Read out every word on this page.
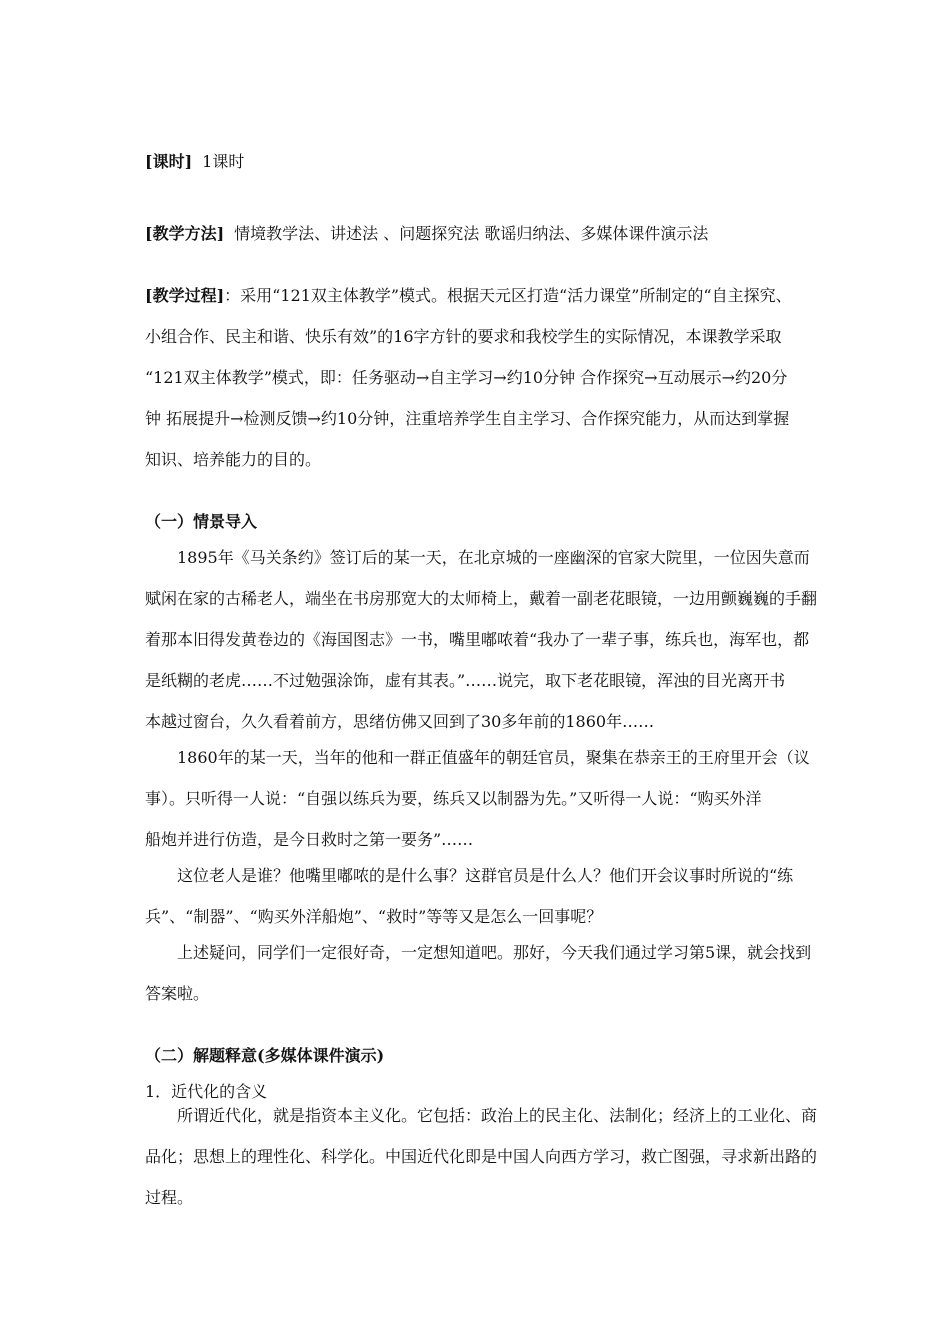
[课时] 1课时
[教学方法] 情境教学法、讲述法 、问题探究法 歌谣归纳法、多媒体课件演示法
[教学过程]：采用“121双主体教学”模式。根据天元区打造“活力课堂”所制定的“自主探究、
小组合作、民主和谐、快乐有效”的16字方针的要求和我校学生的实际情况，本课教学采取
“121双主体教学”模式，即：任务驱动→自主学习→约10分钟 合作探究→互动展示→约20分
钟 拓展提升→检测反馈→约10分钟，注重培养学生自主学习、合作探究能力，从而达到掌握
知识、培养能力的目的。
（一）情景导入
1895年《马关条约》签订后的某一天，在北京城的一座幽深的官家大院里，一位因失意而
赋闲在家的古稀老人，端坐在书房那宽大的太师椅上，戴着一副老花眼镜，一边用颤巍巍的手翻
着那本旧得发黄卷边的《海国图志》一书，嘴里嘟哝着“我办了一辈子事，练兵也，海军也，都
是纸糊的老虎……不过勉强涂饰，虚有其表。”……说完，取下老花眼镜，浑浊的目光离开书
本越过窗台，久久看着前方，思绪仿佛又回到了30多年前的1860年……
1860年的某一天，当年的他和一群正值盛年的朝廷官员，聚集在恭亲王的王府里开会（议
事）。只听得一人说：“自强以练兵为要，练兵又以制器为先。”又听得一人说：“购买外洋
船炮并进行仿造，是今日救时之第一要务”……
这位老人是谁？他嘴里嘟哝的是什么事？这群官员是什么人？他们开会议事时所说的“练
兵”、“制器”、“购买外洋船炮”、“救时”等等又是怎么一回事呢？
上述疑问，同学们一定很好奇，一定想知道吧。那好，今天我们通过学习第5课，就会找到
答案啦。
（二）解题释意(多媒体课件演示)
1．近代化的含义
所谓近代化，就是指资本主义化。它包括：政治上的民主化、法制化；经济上的工业化、商
品化；思想上的理性化、科学化。中国近代化即是中国人向西方学习，救亡图强，寻求新出路的
过程。
